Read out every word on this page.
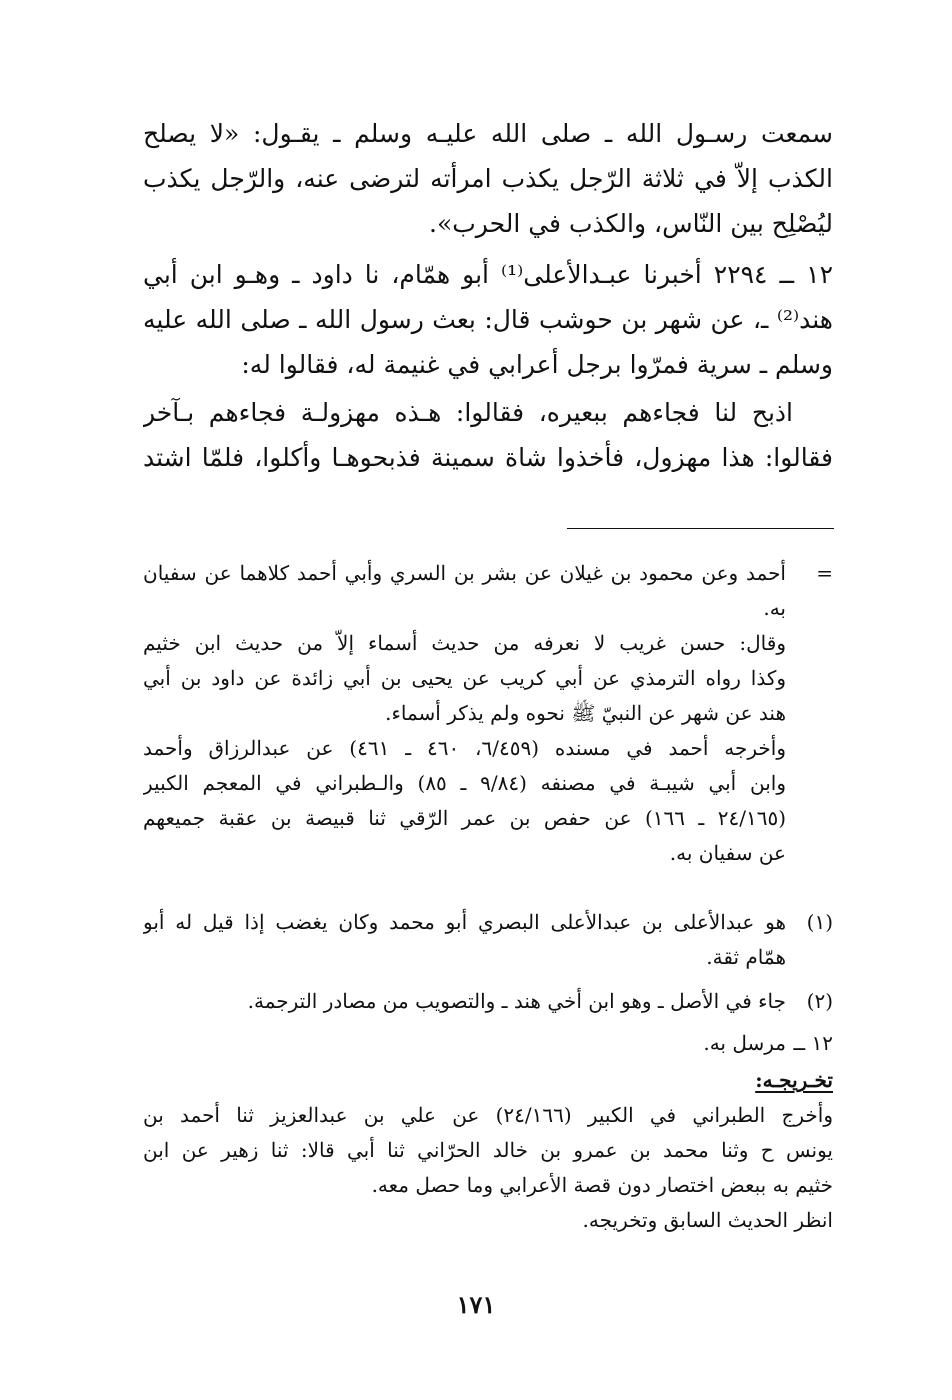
سمعت رسـول الله ـ صلى الله عليـه وسلم ـ يقـول: «لا يصلح
الكذب إلاّ في ثلاثة الرّجل يكذب امرأته لترضى عنه، والرّجل يكذب
ليُصْلِح بين النّاس، والكذب في الحرب».
١٢ ــ ٢٢٩٤ أخبرنا عبـدالأعلى⁽¹⁾ أبو همّام، نا داود ـ وهـو ابن أبي
هند⁽²⁾ ـ، عن شهر بن حوشب قال: بعث رسول الله ـ صلى الله عليه
وسلم ـ سرية فمرّوا برجل أعرابي في غنيمة له، فقالوا له:
اذبح لنا فجاءهم ببعيره، فقالوا: هـذه مهزولـة فجاءهم بـآخر
فقالوا: هذا مهزول، فأخذوا شاة سمينة فذبحوهـا وأكلوا، فلمّا اشتد
=
أحمد وعن محمود بن غيلان عن بشر بن السري وأبي أحمد كلاهما عن سفيان
به.
وقال: حسن غريب لا نعرفه من حديث أسماء إلاّ من حديث ابن خثيم
وكذا رواه الترمذي عن أبي كريب عن يحيى بن أبي زائدة عن داود بن أبي
هند عن شهر عن النبيّ ﷺ نحوه ولم يذكر أسماء.
وأخرجه أحمد في مسنده (٦/٤٥٩، ٤٦٠ ـ ٤٦١) عن عبدالرزاق وأحمد
وابن أبي شيبـة في مصنفه (٩/٨٤ ـ ٨٥) والـطبراني في المعجم الكبير
(٢٤/١٦٥ ـ ١٦٦) عن حفص بن عمر الرّقي ثنا قبيصة بن عقبة جميعهم
عن سفيان به.
(١)
هو عبدالأعلى بن عبدالأعلى البصري أبو محمد وكان يغضب إذا قيل له أبو
همّام ثقة.
(٢)
جاء في الأصل ـ وهو ابن أخي هند ـ والتصويب من مصادر الترجمة.
١٢ ــ
مرسل به.
تخـريجـه:
وأخرج الطبراني في الكبير (٢٤/١٦٦) عن علي بن عبدالعزيز ثنا أحمد بن
يونس ح وثنا محمد بن عمرو بن خالد الحرّاني ثنا أبي قالا: ثنا زهير عن ابن
خثيم به ببعض اختصار دون قصة الأعرابي وما حصل معه.
انظر الحديث السابق وتخريجه.
١٧١
